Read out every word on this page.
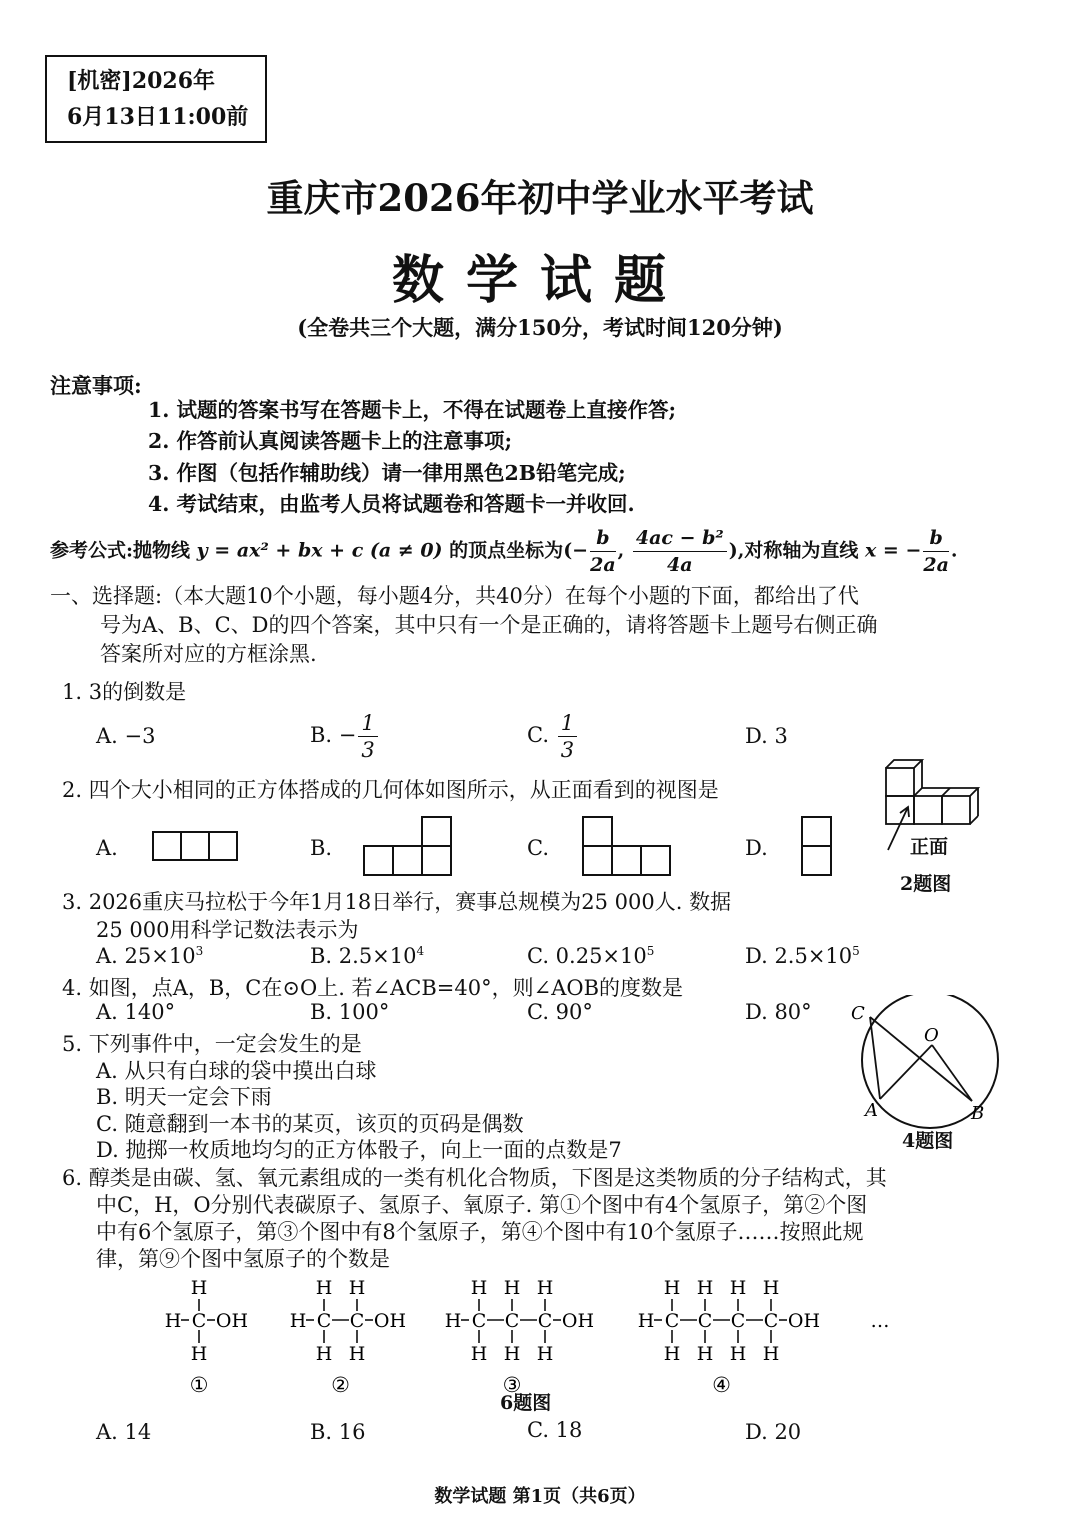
[机密]2026年
6月13日11:00前
重庆市2026年初中学业水平考试
数学试题
(全卷共三个大题，满分150分，考试时间120分钟)
注意事项:
1. 试题的答案书写在答题卡上，不得在试题卷上直接作答;
2. 作答前认真阅读答题卡上的注意事项;
3. 作图（包括作辅助线）请一律用黑色2B铅笔完成;
4. 考试结束，由监考人员将试题卷和答题卡一并收回.
参考公式:抛物线 y = ax² + bx + c (a ≠ 0) 的顶点坐标为(− $\frac{b}{2a}$ , $\frac{\text{4ac − b²}}{4a}$ ),对称轴为直线 x = − $\frac{b}{2a}$ .
一、选择题:（本大题10个小题，每小题4分，共40分）在每个小题的下面，都给出了代
号为A、B、C、D的四个答案，其中只有一个是正确的，请将答题卡上题号右侧正确
答案所对应的方框涂黑.
1. 3的倒数是
A. −3	B. − $\frac{1}{3}$	C. $\frac{1}{3}$	D. 3
2. 四个大小相同的正方体搭成的几何体如图所示，从正面看到的视图是
A.	B.	C.	D.	正面
2题图
3. 2026重庆马拉松于今年1月18日举行，赛事总规模为25 000人. 数据
25 000用科学记数法表示为
A. $25\times 10^3$	B. $2.5\times 10^4$	C. $0.25\times 10^5$	D. $2.5\times 10^5$
4. 如图，点A，B，C在⊙O上. 若∠ACB=40°，则∠AOB的度数是
A. 140°	B. 100°	C. 90°	D. 80° C
O
A	B
4题图
5. 下列事件中，一定会发生的是
A. 从只有白球的袋中摸出白球
B. 明天一定会下雨
C. 随意翻到一本书的某页，该页的页码是偶数
D. 抛掷一枚质地均匀的正方体骰子，向上一面的点数是7
6. 醇类是由碳、氢、氧元素组成的一类有机化合物质，下图是这类物质的分子结构式，其
中C，H，O分别代表碳原子、氢原子、氧原子. 第①个图中有4个氢原子，第②个图
中有6个氢原子，第③个图中有8个氢原子，第④个图中有10个氢原子……按照此规
律，第⑨个图中氢原子的个数是
H C
H
H
OH
①
H C
H
H
C
H
H
OH
②
H C
H
H
C
H
H
C
H
H
OH
③
H C
H
H
C
H
H
C
H
H
C
H
H
OH
④
…
6题图
A. 14	B. 16	C. 18	D. 20
数学试题 第1页（共6页）
